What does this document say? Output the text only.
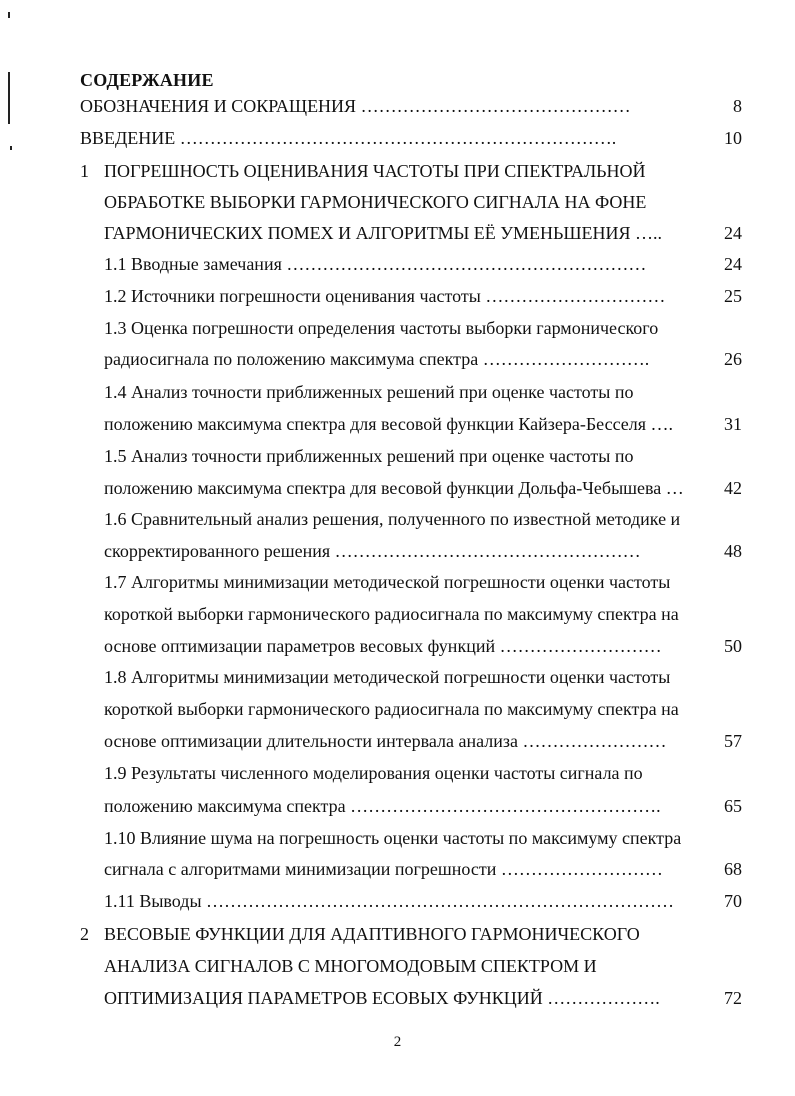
СОДЕРЖАНИЕ
ОБОЗНАЧЕНИЯ И СОКРАЩЕНИЯ ………………………………………	8
ВВЕДЕНИЕ ……………………………………………………………….	10
1 ПОГРЕШНОСТЬ ОЦЕНИВАНИЯ ЧАСТОТЫ ПРИ СПЕКТРАЛЬНОЙ
ОБРАБОТКЕ ВЫБОРКИ ГАРМОНИЧЕСКОГО СИГНАЛА НА ФОНЕ
ГАРМОНИЧЕСКИХ ПОМЕХ И АЛГОРИТМЫ ЕЁ УМЕНЬШЕНИЯ …..	24
1.1 Вводные замечания ……………………………………………………	24
1.2 Источники погрешности оценивания частоты …………………………	25
1.3 Оценка погрешности определения частоты выборки гармонического
радиосигнала по положению максимума спектра ……………………….	26
1.4 Анализ точности приближенных решений при оценке частоты по
положению максимума спектра для весовой функции Кайзера-Бесселя ….	31
1.5 Анализ точности приближенных решений при оценке частоты по
положению максимума спектра для весовой функции Дольфа-Чебышева …	42
1.6 Сравнительный анализ решения, полученного по известной методике и
скорректированного решения ……………………………………………	48
1.7 Алгоритмы минимизации методической погрешности оценки частоты
короткой выборки гармонического радиосигнала по максимуму спектра на
основе оптимизации параметров весовых функций ………………………	50
1.8 Алгоритмы минимизации методической погрешности оценки частоты
короткой выборки гармонического радиосигнала по максимуму спектра на
основе оптимизации длительности интервала анализа ……………………	57
1.9 Результаты численного моделирования оценки частоты сигнала по
положению максимума спектра …………………………………………….	65
1.10 Влияние шума на погрешность оценки частоты по максимуму спектра
сигнала с алгоритмами минимизации погрешности ………………………	68
1.11 Выводы ……………………………………………………………………	70
2 ВЕСОВЫЕ ФУНКЦИИ ДЛЯ АДАПТИВНОГО ГАРМОНИЧЕСКОГО
АНАЛИЗА СИГНАЛОВ С МНОГОМОДОВЫМ СПЕКТРОМ И
ОПТИМИЗАЦИЯ ПАРАМЕТРОВ ЕСОВЫХ ФУНКЦИЙ ……………….	72
2
